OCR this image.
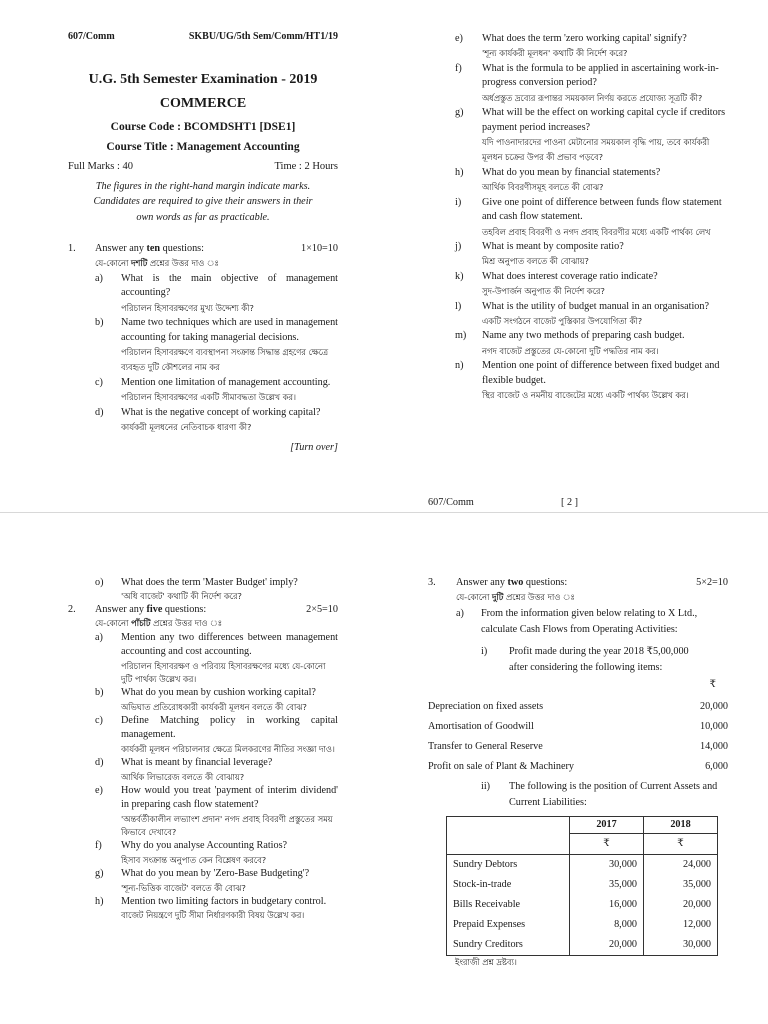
607/Comm	SKBU/UG/5th Sem/Comm/HT1/19
U.G. 5th Semester Examination - 2019
COMMERCE
Course Code : BCOMDSHT1 [DSE1]
Course Title : Management Accounting
Full Marks : 40	Time : 2 Hours
The figures in the right-hand margin indicate marks.
Candidates are required to give their answers in their
own words as far as practicable.
1.	Answer any ten questions:	1×10=10
যে-কোনো দশটি প্রশ্নের উত্তর দাও ঃ
a)	What is the main objective of management accounting?
পরিচালন হিসাবরক্ষণের মুখ্য উদ্দেশ্য কী?
b)	Name two techniques which are used in management accounting for taking managerial decisions.
পরিচালন হিসাবরক্ষণে ব্যবস্থাপনা সংক্রান্ত সিদ্ধান্ত গ্রহণের ক্ষেত্রে ব্যবহৃত দুটি কৌশলের নাম কর
c)	Mention one limitation of management accounting.
পরিচালন হিসাবরক্ষণের একটি সীমাবদ্ধতা উল্লেখ কর।
d)	What is the negative concept of working capital?
কার্যকরী মূলধনের নেতিবাচক ধারণা কী?
[Turn over]
e)	What does the term 'zero working capital' signify?
'শূন্য কার্যকরী মূলধন' কথাটি কী নির্দেশ করে?
f)	What is the formula to be applied in ascertaining work-in-progress conversion period?
অর্ধপ্রস্তুত দ্রব্যের রূপান্তর সময়কাল নির্ণয় করতে প্রযোজ্য সূত্রটি কী?
g)	What will be the effect on working capital cycle if creditors payment period increases?
যদি পাওনাদারদের পাওনা মেটানোর সময়কাল বৃদ্ধি পায়, তবে কার্যকরী মূলধন চক্রের উপর কী প্রভাব পড়বে?
h)	What do you mean by financial statements?
আর্থিক বিবরণীসমূহ বলতে কী বোঝ?
i)	Give one point of difference between funds flow statement and cash flow statement.
তহবিল প্রবাহ বিবরণী ও নগদ প্রবাহ বিবরণীর মধ্যে একটি পার্থক্য লেখ
j)	What is meant by composite ratio?
মিশ্র অনুপাত বলতে কী বোঝায়?
k)	What does interest coverage ratio indicate?
সুদ-উপার্জন অনুপাত কী নির্দেশ করে?
l)	What is the utility of budget manual in an organisation?
একটি সংগঠনে বাজেট পুস্তিকার উপযোগিতা কী?
m)	Name any two methods of preparing cash budget.
নগদ বাজেট প্রস্তুতের যে-কোনো দুটি পদ্ধতির নাম কর।
n)	Mention one point of difference between fixed budget and flexible budget.
স্থির বাজেট ও নমনীয় বাজেটের মধ্যে একটি পার্থক্য উল্লেখ কর।
607/Comm	[ 2 ]
o)	What does the term 'Master Budget' imply?
'অধি বাজেট' কথাটি কী নির্দেশ করে?
2.	Answer any five questions:	2×5=10
যে-কোনো পাঁচটি প্রশ্নের উত্তর দাও ঃ
a)	Mention any two differences between management accounting and cost accounting.
পরিচালন হিসাবরক্ষণ ও পরিব্যয় হিসাবরক্ষণের মধ্যে যে-কোনো দুটি পার্থক্য উল্লেখ কর।
b)	What do you mean by cushion working capital?
অভিঘাত প্রতিরোধকারী কার্যকরী মূলধন বলতে কী বোঝ?
c)	Define Matching policy in working capital management.
কার্যকরী মূলধন পরিচালনার ক্ষেত্রে মিলকরণের নীতির সংজ্ঞা দাও।
d)	What is meant by financial leverage?
আর্থিক লিভারেজ বলতে কী বোঝায়?
e)	How would you treat 'payment of interim dividend' in preparing cash flow statement?
'অন্তর্বর্তীকালীন লভ্যাংশ প্রদান' নগদ প্রবাহ বিবরণী প্রস্তুতের সময় কিভাবে দেখাবে?
f)	Why do you analyse Accounting Ratios?
হিসাব সংক্রান্ত অনুপাত কেন বিশ্লেষণ করবে?
g)	What do you mean by 'Zero-Base Budgeting'?
'শূন্য-ভিত্তিক বাজেট' বলতে কী বোঝ?
h)	Mention two limiting factors in budgetary control.
বাজেট নিয়ন্ত্রণে দুটি সীমা নির্ধারণকারী বিষয় উল্লেখ কর।
3.	Answer any two questions:	5×2=10
যে-কোনো দুটি প্রশ্নের উত্তর দাও ঃ
a)	From the information given below relating to X Ltd., calculate Cash Flows from Operating Activities:
i)	Profit made during the year 2018 ₹5,00,000 after considering the following items:
₹
Depreciation on fixed assets	20,000
Amortisation of Goodwill	10,000
Transfer to General Reserve	14,000
Profit on sale of Plant & Machinery	6,000
ii)	The following is the position of Current Assets and Current Liabilities:
	2017	2018
	₹	₹
Sundry Debtors	30,000	24,000
Stock-in-trade	35,000	35,000
Bills Receivable	16,000	20,000
Prepaid Expenses	8,000	12,000
Sundry Creditors	20,000	30,000
ইংরাজী প্রশ্ন দ্রষ্টব্য।
